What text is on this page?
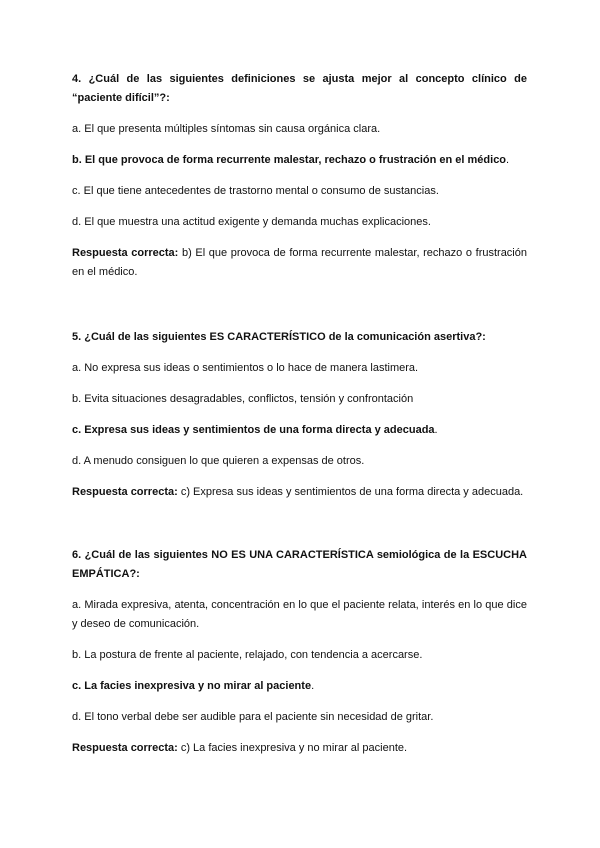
4. ¿Cuál de las siguientes definiciones se ajusta mejor al concepto clínico de “paciente difícil”?:

a. El que presenta múltiples síntomas sin causa orgánica clara.

b. El que provoca de forma recurrente malestar, rechazo o frustración en el médico.

c. El que tiene antecedentes de trastorno mental o consumo de sustancias.

d. El que muestra una actitud exigente y demanda muchas explicaciones.

Respuesta correcta: b) El que provoca de forma recurrente malestar, rechazo o frustración en el médico.

5. ¿Cuál de las siguientes ES CARACTERÍSTICO de la comunicación asertiva?:

a. No expresa sus ideas o sentimientos o lo hace de manera lastimera.

b. Evita situaciones desagradables, conflictos, tensión y confrontación

c. Expresa sus ideas y sentimientos de una forma directa y adecuada.

d. A menudo consiguen lo que quieren a expensas de otros.

Respuesta correcta: c) Expresa sus ideas y sentimientos de una forma directa y adecuada.

6. ¿Cuál de las siguientes NO ES UNA CARACTERÍSTICA semiológica de la ESCUCHA EMPÁTICA?:

a. Mirada expresiva, atenta, concentración en lo que el paciente relata, interés en lo que dice y deseo de comunicación.

b. La postura de frente al paciente, relajado, con tendencia a acercarse.

c. La facies inexpresiva y no mirar al paciente.

d. El tono verbal debe ser audible para el paciente sin necesidad de gritar.

Respuesta correcta: c) La facies inexpresiva y no mirar al paciente.
